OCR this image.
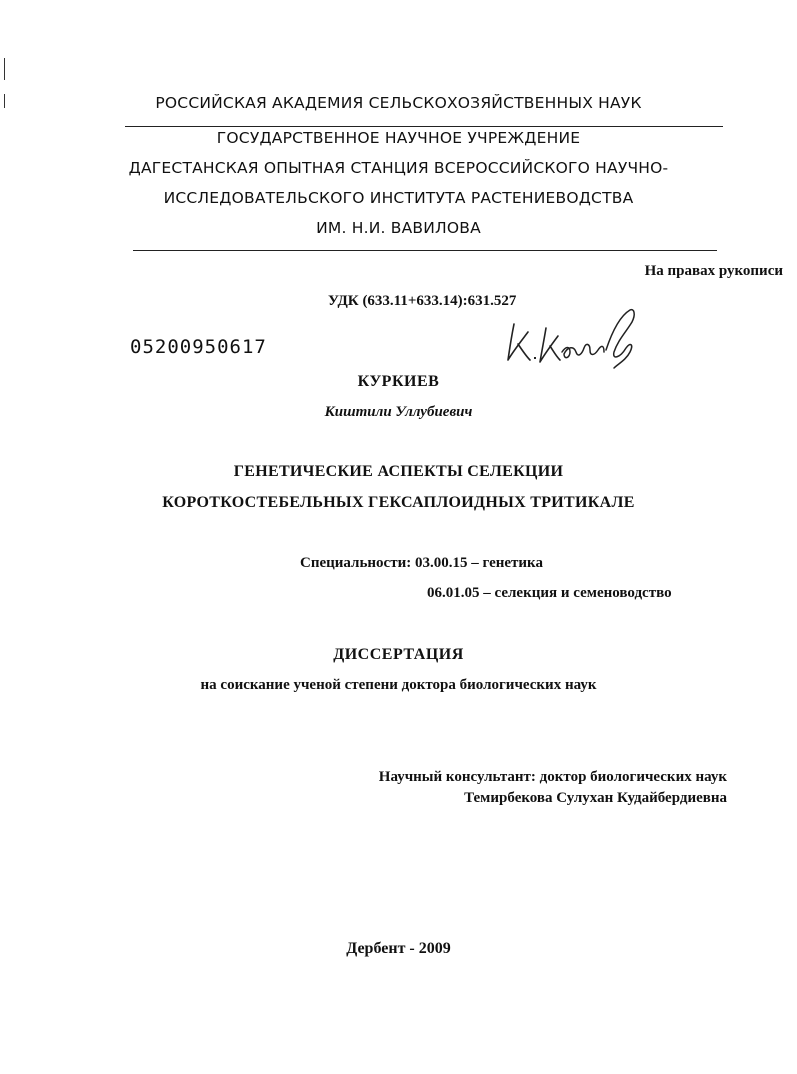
РОССИЙСКАЯ АКАДЕМИЯ СЕЛЬСКОХОЗЯЙСТВЕННЫХ НАУК
ГОСУДАРСТВЕННОЕ НАУЧНОЕ УЧРЕЖДЕНИЕ
ДАГЕСТАНСКАЯ ОПЫТНАЯ СТАНЦИЯ ВСЕРОССИЙСКОГО НАУЧНО-
ИССЛЕДОВАТЕЛЬСКОГО ИНСТИТУТА РАСТЕНИЕВОДСТВА
ИМ. Н.И. ВАВИЛОВА
На правах рукописи
УДК (633.11+633.14):631.527
05200950617
КУРКИЕВ
Киштили Уллубиевич
ГЕНЕТИЧЕСКИЕ АСПЕКТЫ СЕЛЕКЦИИ
КОРОТКОСТЕБЕЛЬНЫХ ГЕКСАПЛОИДНЫХ ТРИТИКАЛЕ
Специальности: 03.00.15 – генетика
06.01.05 – селекция и семеноводство
ДИССЕРТАЦИЯ
на соискание ученой степени доктора биологических наук
Научный консультант: доктор биологических наук
Темирбекова Сулухан Кудайбердиевна
Дербент - 2009
